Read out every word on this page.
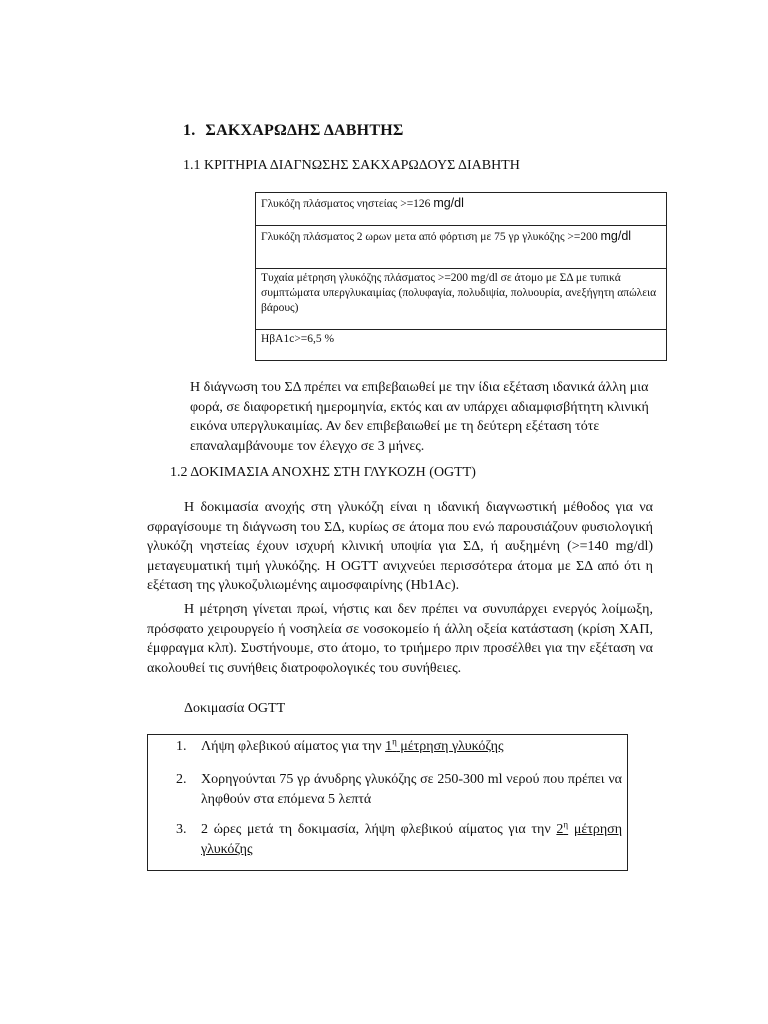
1. ΣΑΚΧΑΡΩΔΗΣ ΔΑΒΗΤΗΣ
1.1 ΚΡΙΤΗΡΙΑ ΔΙΑΓΝΩΣΗΣ ΣΑΚΧΑΡΩΔΟΥΣ ΔΙΑΒΗΤΗ
Γλυκόζη πλάσματος νηστείας >=126 mg/dl
Γλυκόζη πλάσματος 2 ωρων μετα από φόρτιση με 75 γρ γλυκόζης >=200 mg/dl
Τυχαία μέτρηση γλυκόζης πλάσματος >=200 mg/dl σε άτομο με ΣΔ με τυπικά συμπτώματα υπεργλυκαιμίας (πολυφαγία, πολυδιψία, πολυουρία, ανεξήγητη απώλεια βάρους)
ΗβΑ1c>=6,5 %
Η διάγνωση του ΣΔ πρέπει να επιβεβαιωθεί με την ίδια εξέταση ιδανικά άλλη μια φορά, σε διαφορετική ημερομηνία, εκτός και αν υπάρχει αδιαμφισβήτητη κλινική εικόνα υπεργλυκαιμίας. Αν δεν επιβεβαιωθεί με τη δεύτερη εξέταση τότε επαναλαμβάνουμε τον έλεγχο σε 3 μήνες.
1.2 ΔΟΚΙΜΑΣΙΑ ΑΝΟΧΗΣ ΣΤΗ ΓΛΥΚΟΖΗ (OGTT)
Η δοκιμασία ανοχής στη γλυκόζη είναι η ιδανική διαγνωστική μέθοδος για να σφραγίσουμε τη διάγνωση του ΣΔ, κυρίως σε άτομα που ενώ παρουσιάζουν φυσιολογική γλυκόζη νηστείας έχουν ισχυρή κλινική υποψία για ΣΔ, ή αυξημένη (>=140 mg/dl) μεταγευματική τιμή γλυκόζης. Η OGTT ανιχνεύει περισσότερα άτομα με ΣΔ από ότι η εξέταση της γλυκοζυλιωμένης αιμοσφαιρίνης (Hb1Ac).
Η μέτρηση γίνεται πρωί, νήστις και δεν πρέπει να συνυπάρχει ενεργός λοίμωξη, πρόσφατο χειρουργείο ή νοσηλεία σε νοσοκομείο ή άλλη οξεία κατάσταση (κρίση ΧΑΠ, έμφραγμα κλπ). Συστήνουμε, στο άτομο, το τριήμερο πριν προσέλθει για την εξέταση να ακολουθεί τις συνήθεις διατροφολογικές του συνήθειες.
Δοκιμασία OGTT
1. Λήψη φλεβικού αίματος για την $1^\eta$ μέτρηση γλυκόζης
2. Χορηγούνται 75 γρ άνυδρης γλυκόζης σε 250-300 ml νερού που πρέπει να ληφθούν στα επόμενα 5 λεπτά
3. 2 ώρες μετά τη δοκιμασία, λήψη φλεβικού αίματος για την $2^\eta$ μέτρηση γλυκόζης
